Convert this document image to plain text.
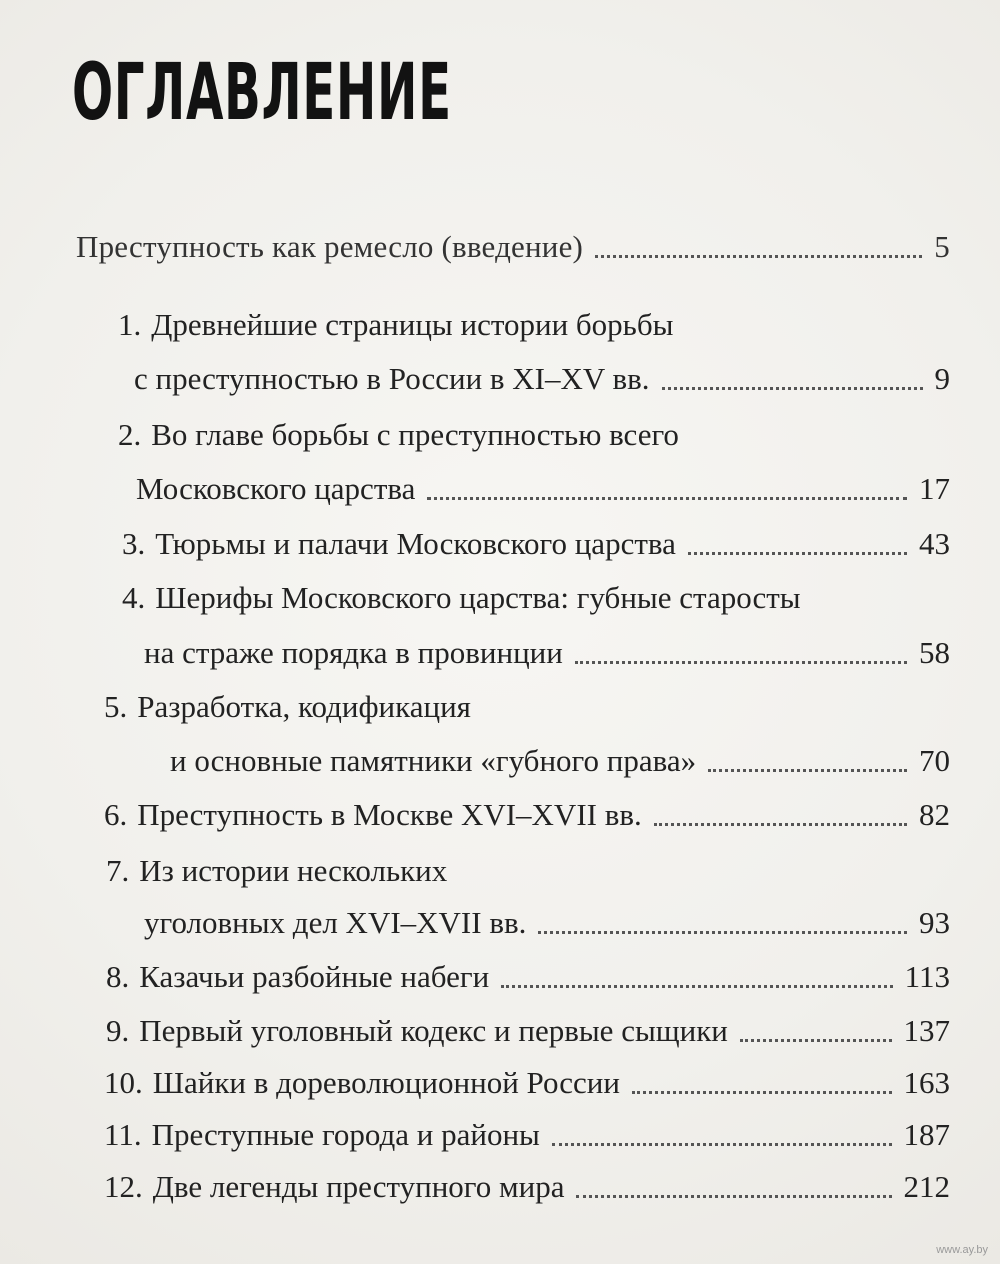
ОГЛАВЛЕНИЕ
Преступность как ремесло (введение)	5
1. Древнейшие страницы истории борьбы
с преступностью в России в XI–XV вв.	9
2. Во главе борьбы с преступностью всего
Московского царства	17
3. Тюрьмы и палачи Московского царства	43
4. Шерифы Московского царства: губные старосты
на страже порядка в провинции	58
5. Разработка, кодификация
и основные памятники «губного права»	70
6. Преступность в Москве XVI–XVII вв.	82
7. Из истории нескольких
уголовных дел XVI–XVII вв.	93
8. Казачьи разбойные набеги	113
9. Первый уголовный кодекс и первые сыщики	137
10. Шайки в дореволюционной России	163
11. Преступные города и районы	187
12. Две легенды преступного мира	212
www.ay.by
